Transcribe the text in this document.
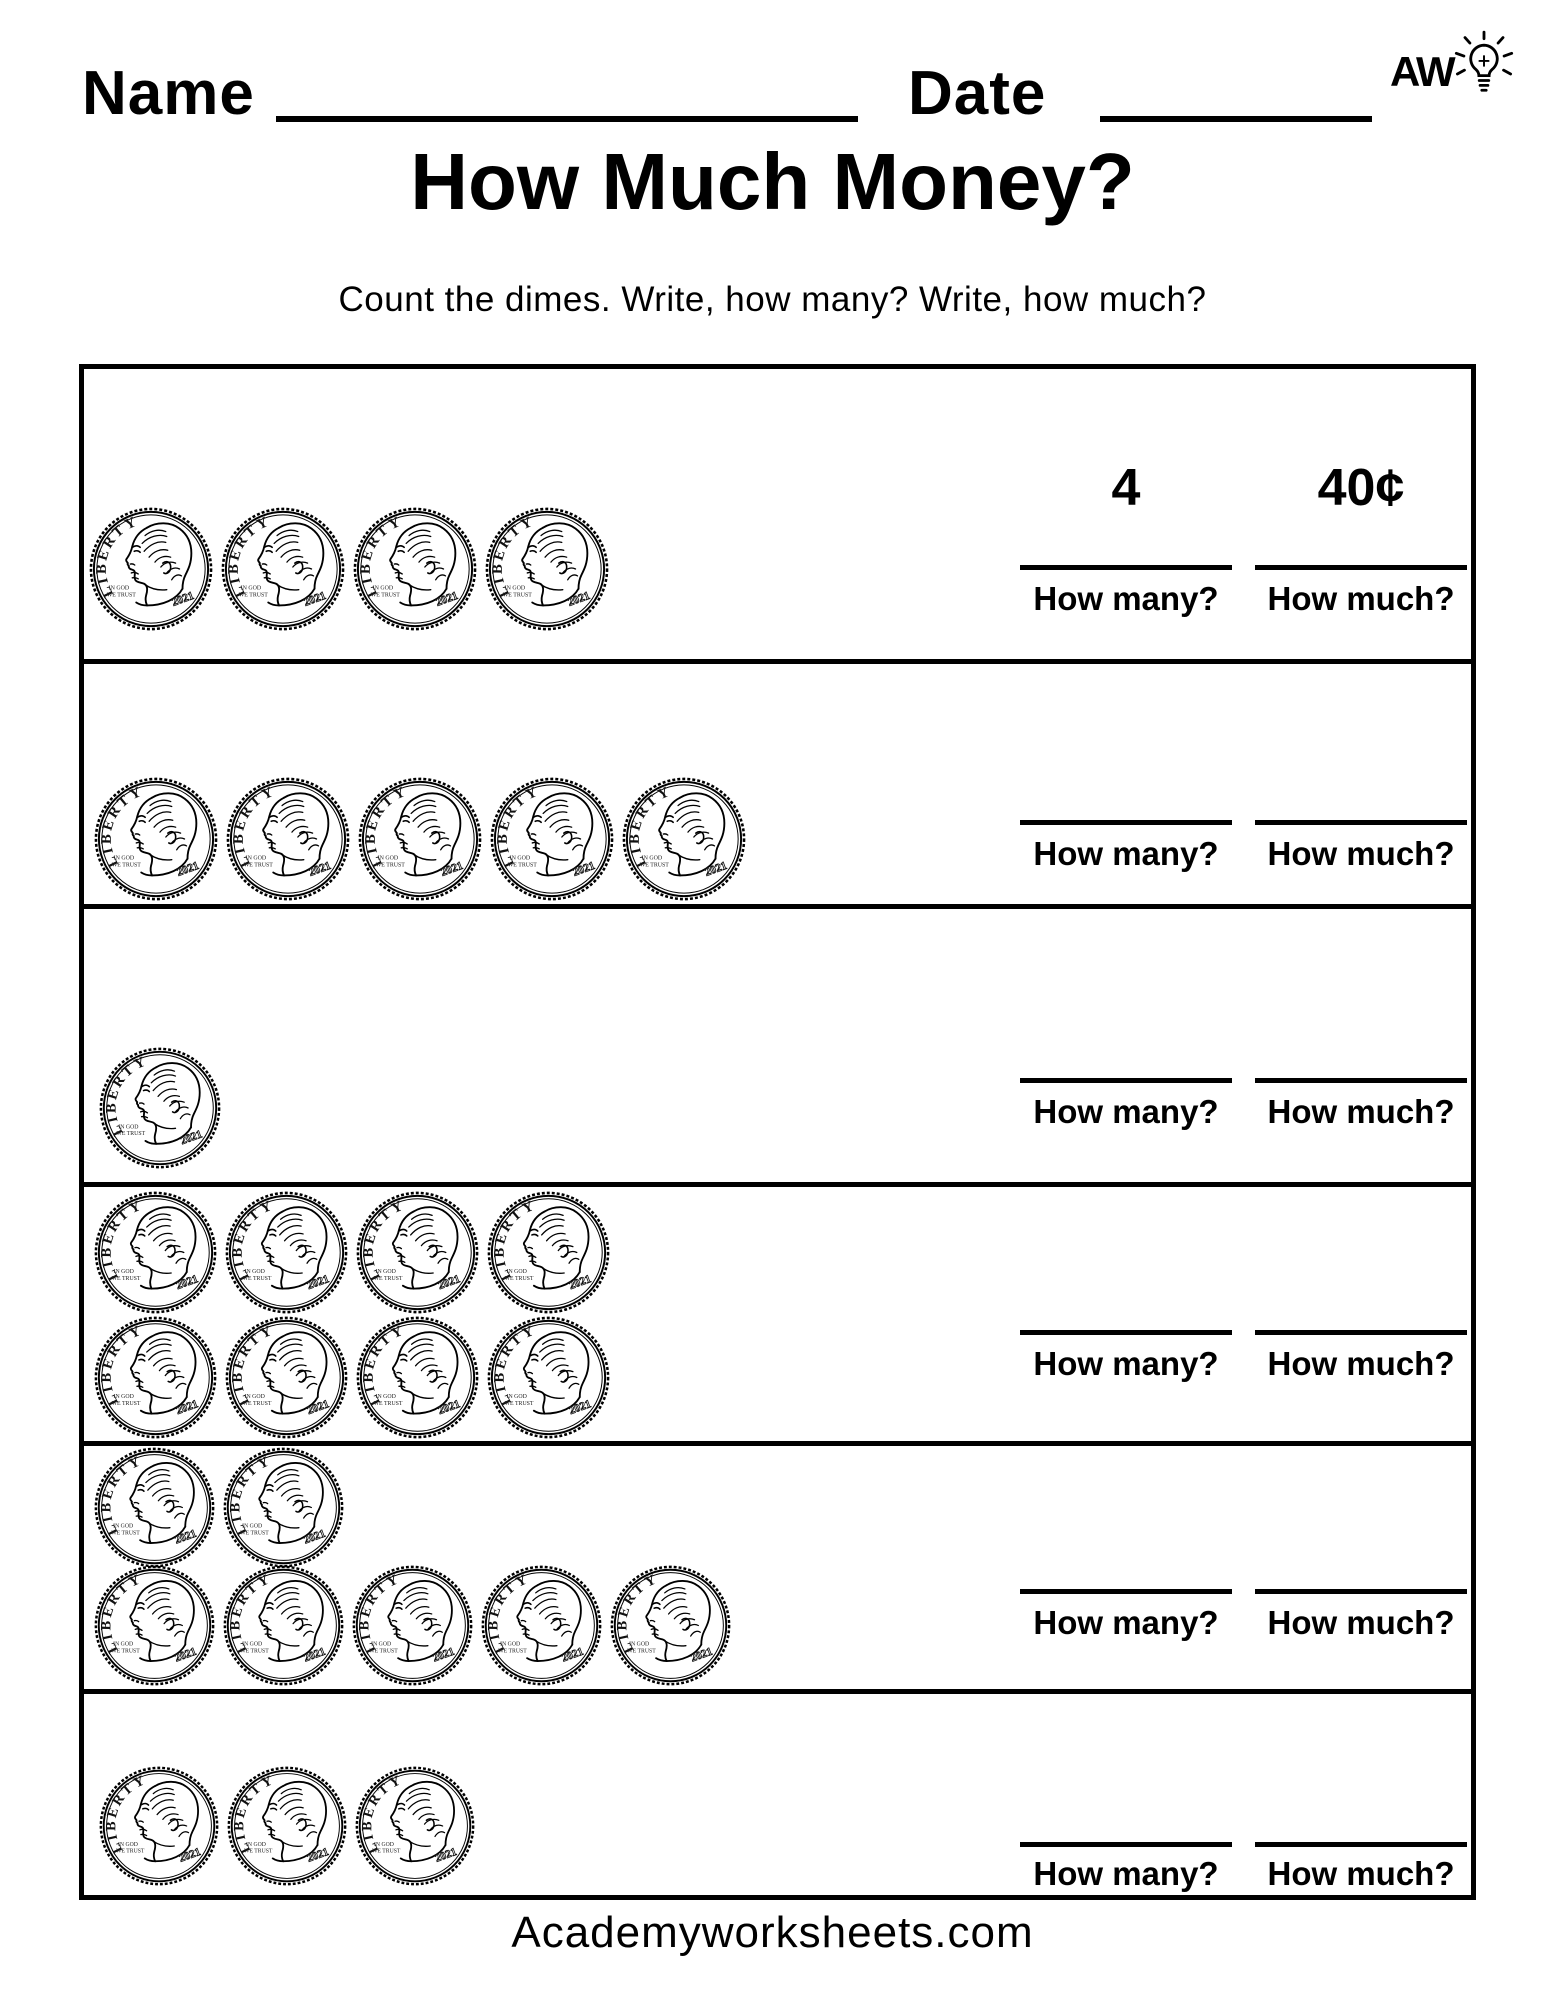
Name	Date	AW
How Much Money?
Count the dimes. Write, how many? Write, how much?
4	40¢
How many?	How much?
How many?	How much?
How many?	How much?
How many?	How much?
How many?	How much?
How many?	How much?
Academyworksheets.com
